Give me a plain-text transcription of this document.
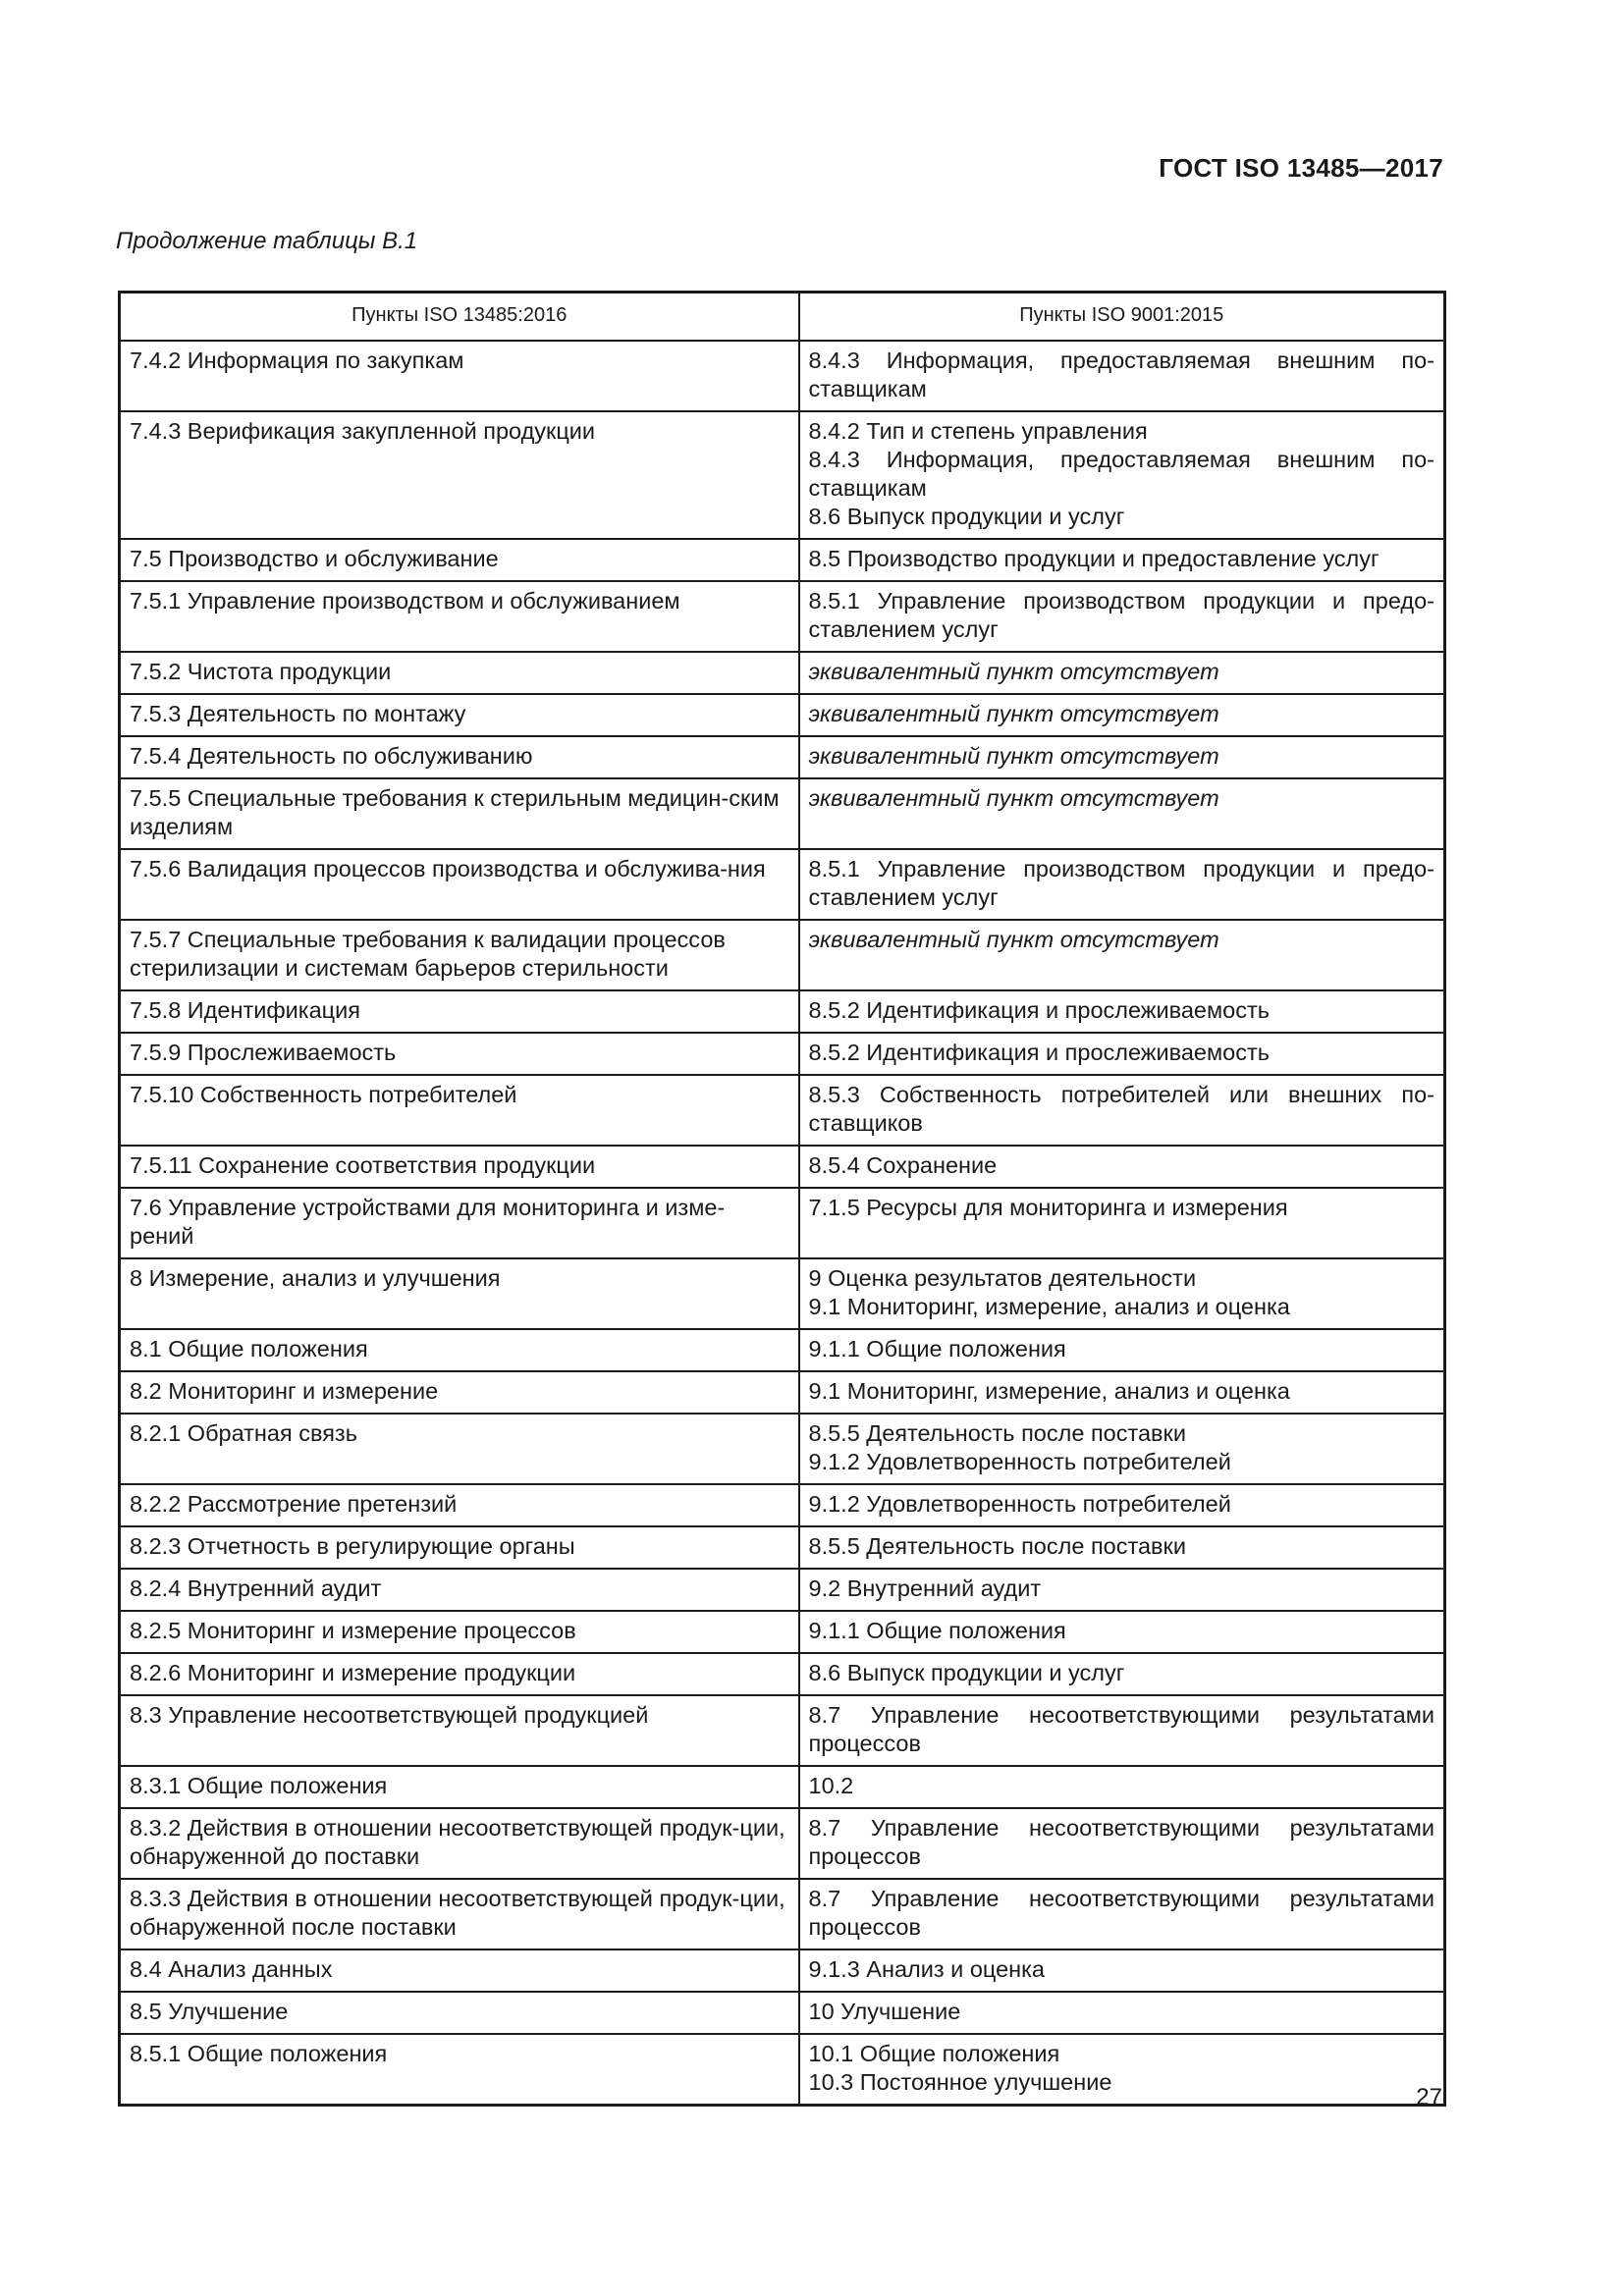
ГОСТ ISO 13485—2017
Продолжение таблицы В.1
Пункты ISO 13485:2016	Пункты ISO 9001:2015

7.4.2 Информация по закупкам	8.4.3 Информация, предоставляемая внешним по-ставщикам

7.4.3 Верификация закупленной продукции	8.4.2 Тип и степень управления
8.4.3 Информация, предоставляемая внешним по-ставщикам
8.6 Выпуск продукции и услуг

7.5 Производство и обслуживание	8.5 Производство продукции и предоставление услуг

7.5.1 Управление производством и обслуживанием	8.5.1 Управление производством продукции и предо-ставлением услуг

7.5.2 Чистота продукции	эквивалентный пункт отсутствует

7.5.3 Деятельность по монтажу	эквивалентный пункт отсутствует

7.5.4 Деятельность по обслуживанию	эквивалентный пункт отсутствует

7.5.5 Специальные требования к стерильным медицин-ским изделиям	эквивалентный пункт отсутствует

7.5.6 Валидация процессов производства и обслужива-ния	8.5.1 Управление производством продукции и предо-ставлением услуг

7.5.7 Специальные требования к валидации процессов стерилизации и системам барьеров стерильности	эквивалентный пункт отсутствует

7.5.8 Идентификация	8.5.2 Идентификация и прослеживаемость

7.5.9 Прослеживаемость	8.5.2 Идентификация и прослеживаемость

7.5.10 Собственность потребителей	8.5.3 Собственность потребителей или внешних по-ставщиков

7.5.11 Сохранение соответствия продукции	8.5.4 Сохранение

7.6 Управление устройствами для мониторинга и изме-рений	7.1.5 Ресурсы для мониторинга и измерения

8 Измерение, анализ и улучшения	9 Оценка результатов деятельности
9.1 Мониторинг, измерение, анализ и оценка

8.1 Общие положения	9.1.1 Общие положения

8.2 Мониторинг и измерение	9.1 Мониторинг, измерение, анализ и оценка

8.2.1 Обратная связь	8.5.5 Деятельность после поставки
9.1.2 Удовлетворенность потребителей

8.2.2 Рассмотрение претензий	9.1.2 Удовлетворенность потребителей

8.2.3 Отчетность в регулирующие органы	8.5.5 Деятельность после поставки

8.2.4 Внутренний аудит	9.2 Внутренний аудит

8.2.5 Мониторинг и измерение процессов	9.1.1 Общие положения

8.2.6 Мониторинг и измерение продукции	8.6 Выпуск продукции и услуг

8.3 Управление несоответствующей продукцией	8.7 Управление несоответствующими результатами процессов

8.3.1 Общие положения	10.2

8.3.2 Действия в отношении несоответствующей продук-ции, обнаруженной до поставки	8.7 Управление несоответствующими результатами процессов

8.3.3 Действия в отношении несоответствующей продук-ции, обнаруженной после поставки	8.7 Управление несоответствующими результатами процессов

8.4 Анализ данных	9.1.3 Анализ и оценка

8.5 Улучшение	10 Улучшение

8.5.1 Общие положения	10.1 Общие положения
10.3 Постоянное улучшение
27
